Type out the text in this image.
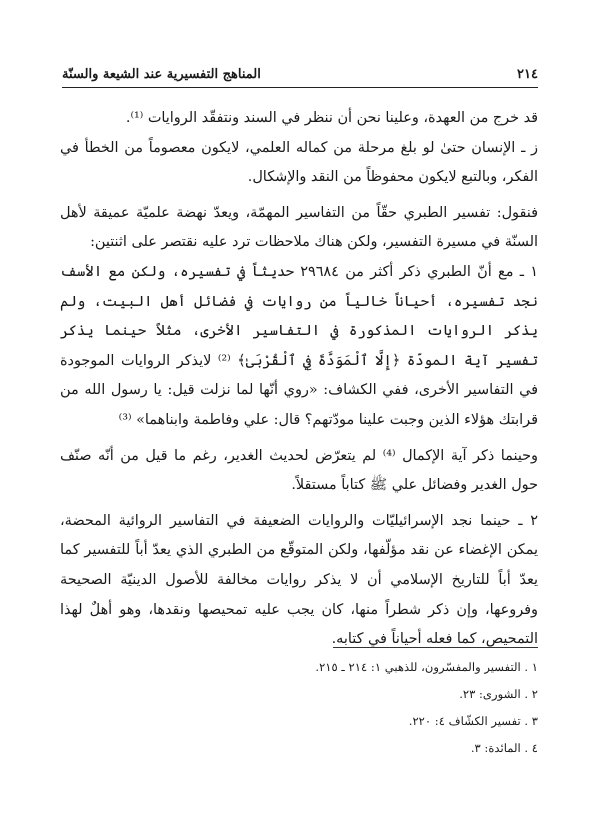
٢١٤
المناهج التفسيرية عند الشيعة والسنّة

قد خرج من العهدة، وعلينا نحن أن ننظر في السند ونتفقّد الروايات ⁽¹⁾.

ز ـ الإنسان حتىٰ لو بلغ مرحلة من كماله العلمي، لايكون معصوماً من الخطأ في الفكر، وبالتبع لايكون محفوظاً من النقد والإشكال.

فنقول: تفسير الطبري حقّاً من التفاسير المهمّة، ويعدّ نهضة علميّة عميقة لأهل السنّة في مسيرة التفسير، ولكن هناك ملاحظات ترد عليه نقتصر على اثنتين:

١ ـ مع أنّ الطبري ذكر أكثر من ٢٩٦٨٤ حديثاً في تفسيره، ولكن مع الأسف نجد تفسيره، أحياناً خالياً من روايات في فضائل أهل البيت، ولم يذكر الروايات المذكورة في التفاسير الأخرى، مثلاً حينما يذكر تفسير آية المودّة ﴿إِلَّا ٱلْمَوَدَّةَ فِي ٱلْقُرْبَىٰ﴾ ⁽²⁾ لايذكر الروايات الموجودة في التفاسير الأخرى، ففي الكشاف: «روي أنّها لما نزلت قيل: يا رسول الله من قرابتك هؤلاء الذين وجبت علينا مودّتهم؟ قال: علي وفاطمة وابناهما» ⁽³⁾

وحينما ذكر آية الإكمال ⁽⁴⁾ لم يتعرّض لحديث الغدير، رغم ما قيل من أنّه صنّف حول الغدير وفضائل علي ﷺ كتاباً مستقلاً.

٢ ـ حينما نجد الإسرائيليّات والروايات الضعيفة في التفاسير الروائية المحضة، يمكن الإغضاء عن نقد مؤلّفها، ولكن المتوقّع من الطبري الذي يعدّ أباً للتفسير كما يعدّ أباً للتاريخ الإسلامي أن لا يذكر روايات مخالفة للأصول الدينيّة الصحيحة وفروعها، وإن ذكر شطراً منها، كان يجب عليه تمحيصها ونقدها، وهو أهلٌ لهذا التمحيص، كما فعله أحياناً في كتابه.

١ . التفسير والمفسّرون، للذهبي ١: ٢١٤ ـ ٢١٥.
٢ . الشورى: ٢٣.
٣ . تفسير الكشّاف ٤: ٢٢٠.
٤ . المائدة: ٣.
